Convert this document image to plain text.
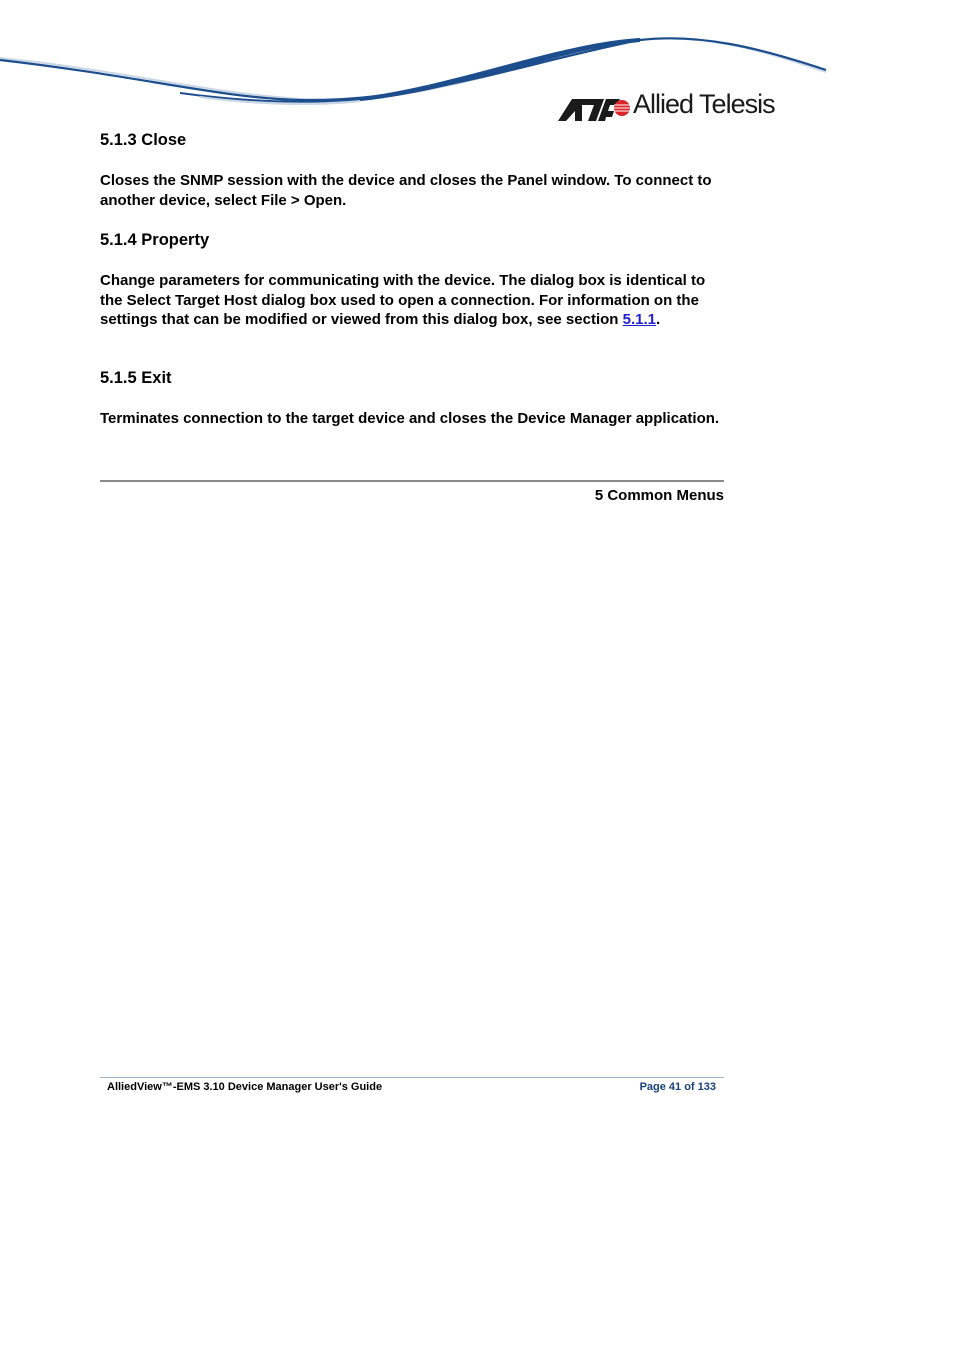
Allied Telesis
5.1.3 Close

Closes the SNMP session with the device and closes the Panel window. To connect to another device, select File > Open.

5.1.4 Property

Change parameters for communicating with the device. The dialog box is identical to the Select Target Host dialog box used to open a connection. For information on the settings that can be modified or viewed from this dialog box, see section 5.1.1.

5.1.5 Exit

Terminates connection to the target device and closes the Device Manager application.

5 Common Menus
AlliedView™-EMS 3.10 Device Manager User's Guide	Page 41 of 133
